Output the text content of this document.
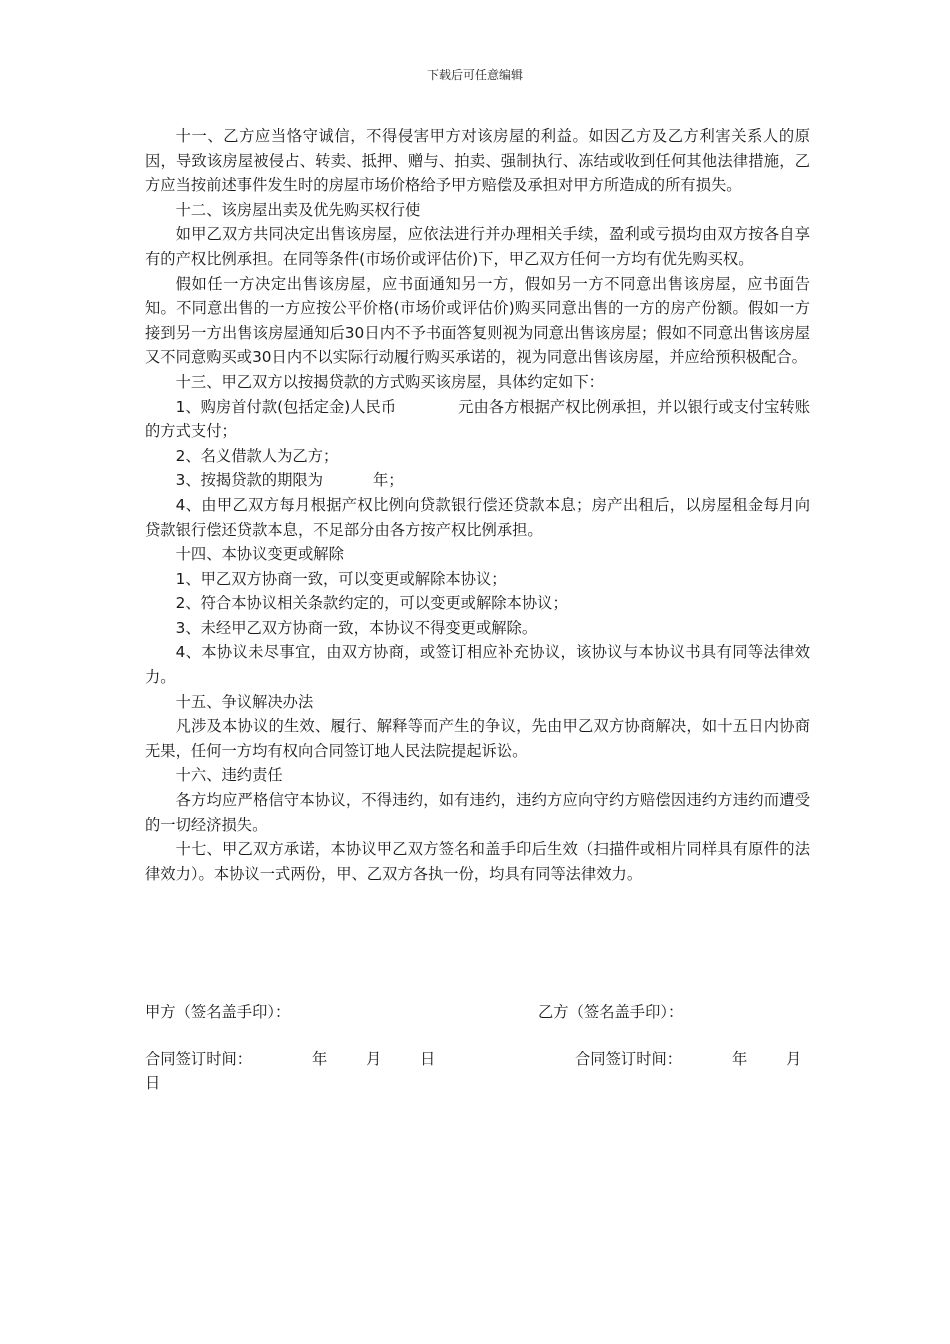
下载后可任意编辑

十一、乙方应当恪守诚信，不得侵害甲方对该房屋的利益。如因乙方及乙方利害关系人的原因，导致该房屋被侵占、转卖、抵押、赠与、拍卖、强制执行、冻结或收到任何其他法律措施，乙方应当按前述事件发生时的房屋市场价格给予甲方赔偿及承担对甲方所造成的所有损失。

十二、该房屋出卖及优先购买权行使

如甲乙双方共同决定出售该房屋，应依法进行并办理相关手续，盈利或亏损均由双方按各自享有的产权比例承担。在同等条件(市场价或评估价)下，甲乙双方任何一方均有优先购买权。

假如任一方决定出售该房屋，应书面通知另一方，假如另一方不同意出售该房屋，应书面告知。不同意出售的一方应按公平价格(市场价或评估价)购买同意出售的一方的房产份额。假如一方接到另一方出售该房屋通知后30日内不予书面答复则视为同意出售该房屋；假如不同意出售该房屋又不同意购买或30日内不以实际行动履行购买承诺的，视为同意出售该房屋，并应给预积极配合。

十三、甲乙双方以按揭贷款的方式购买该房屋，具体约定如下：

1、购房首付款(包括定金)人民币	元由各方根据产权比例承担，并以银行或支付宝转账的方式支付；

2、名义借款人为乙方；

3、按揭贷款的期限为	年；

4、由甲乙双方每月根据产权比例向贷款银行偿还贷款本息；房产出租后，以房屋租金每月向贷款银行偿还贷款本息，不足部分由各方按产权比例承担。

十四、本协议变更或解除

1、甲乙双方协商一致，可以变更或解除本协议；

2、符合本协议相关条款约定的，可以变更或解除本协议；

3、未经甲乙双方协商一致，本协议不得变更或解除。

4、本协议未尽事宜，由双方协商，或签订相应补充协议，该协议与本协议书具有同等法律效力。

十五、争议解决办法

凡涉及本协议的生效、履行、解释等而产生的争议，先由甲乙双方协商解决，如十五日内协商无果，任何一方均有权向合同签订地人民法院提起诉讼。

十六、违约责任

各方均应严格信守本协议，不得违约，如有违约，违约方应向守约方赔偿因违约方违约而遭受的一切经济损失。

十七、甲乙双方承诺，本协议甲乙双方签名和盖手印后生效（扫描件或相片同样具有原件的法律效力）。本协议一式两份，甲、乙双方各执一份，均具有同等法律效力。

甲方（签名盖手印）：	乙方（签名盖手印）：
合同签订时间：	年	月	日	合同签订时间：	年	月
日
